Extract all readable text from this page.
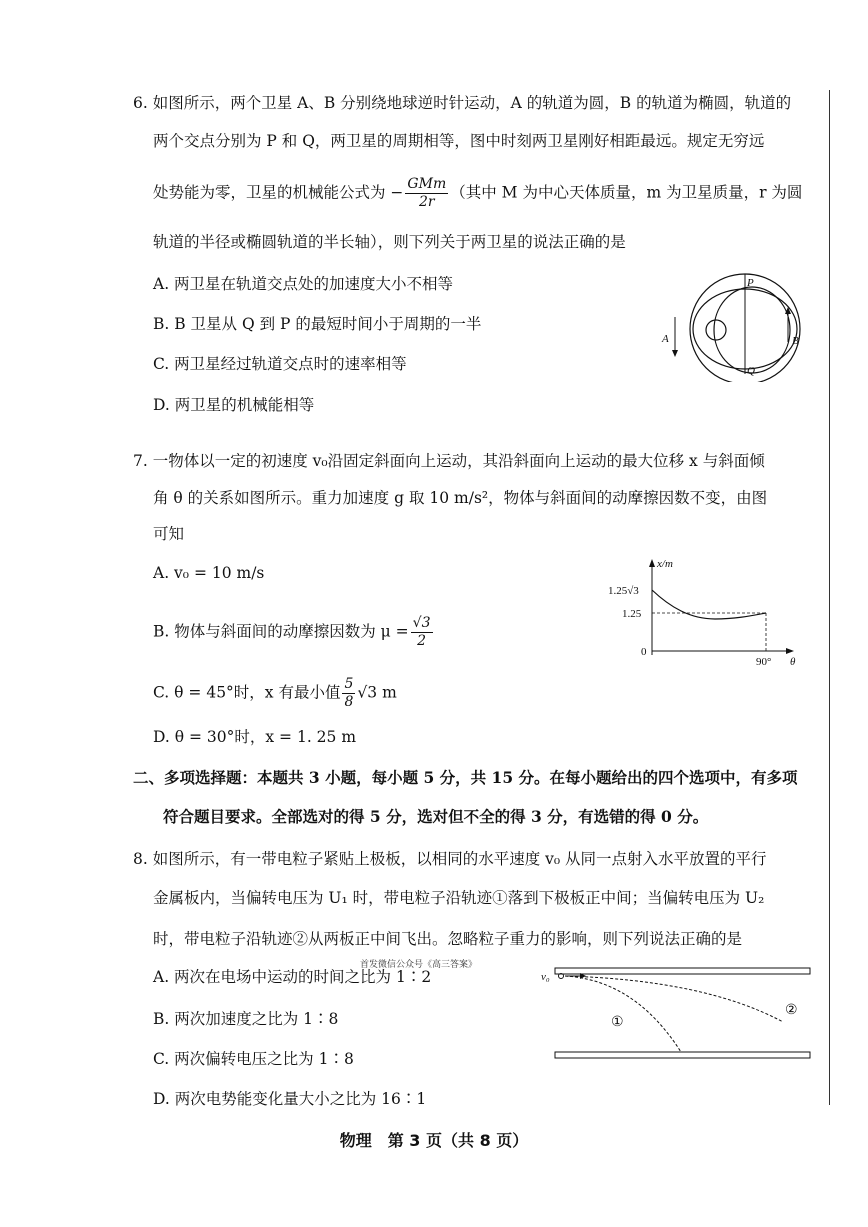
6. 如图所示，两个卫星 A、B 分别绕地球逆时针运动，A 的轨道为圆，B 的轨道为椭圆，轨道的
两个交点分别为 P 和 Q，两卫星的周期相等，图中时刻两卫星刚好相距最远。规定无穷远
处势能为零，卫星的机械能公式为 − $\frac{\text{GMm}}{2r}$ （其中 M 为中心天体质量，m 为卫星质量，r 为圆
轨道的半径或椭圆轨道的半长轴），则下列关于两卫星的说法正确的是
A. 两卫星在轨道交点处的加速度大小不相等
B. B 卫星从 Q 到 P 的最短时间小于周期的一半
C. 两卫星经过轨道交点时的速率相等
D. 两卫星的机械能相等
P
Q
A	B
7. 一物体以一定的初速度 v₀沿固定斜面向上运动，其沿斜面向上运动的最大位移 x 与斜面倾
角 θ 的关系如图所示。重力加速度 g 取 10 m/s²，物体与斜面间的动摩擦因数不变，由图
可知
A. v₀ = 10 m/s
B. 物体与斜面间的动摩擦因数为 $\mu = \frac{√3}{2}$
C. θ = 45°时，x 有最小值 $\frac{5}{8} √3$ m
D. θ = 30°时，x = 1. 25 m
x/m
1.25√3
1.25
0
90° θ
二、多项选择题：本题共 3 小题，每小题 5 分，共 15 分。在每小题给出的四个选项中，有多项
符合题目要求。全部选对的得 5 分，选对但不全的得 3 分，有选错的得 0 分。
8. 如图所示，有一带电粒子紧贴上极板，以相同的水平速度 v₀ 从同一点射入水平放置的平行
金属板内，当偏转电压为 U₁ 时，带电粒子沿轨迹①落到下极板正中间；当偏转电压为 U₂
时，带电粒子沿轨迹②从两板正中间飞出。忽略粒子重力的影响，则下列说法正确的是
首发微信公众号《高三答案》
A. 两次在电场中运动的时间之比为 1∶2
B. 两次加速度之比为 1∶8
C. 两次偏转电压之比为 1∶8
D. 两次电势能变化量大小之比为 16∶1
v₀
①
②
物理　第 3 页（共 8 页）
